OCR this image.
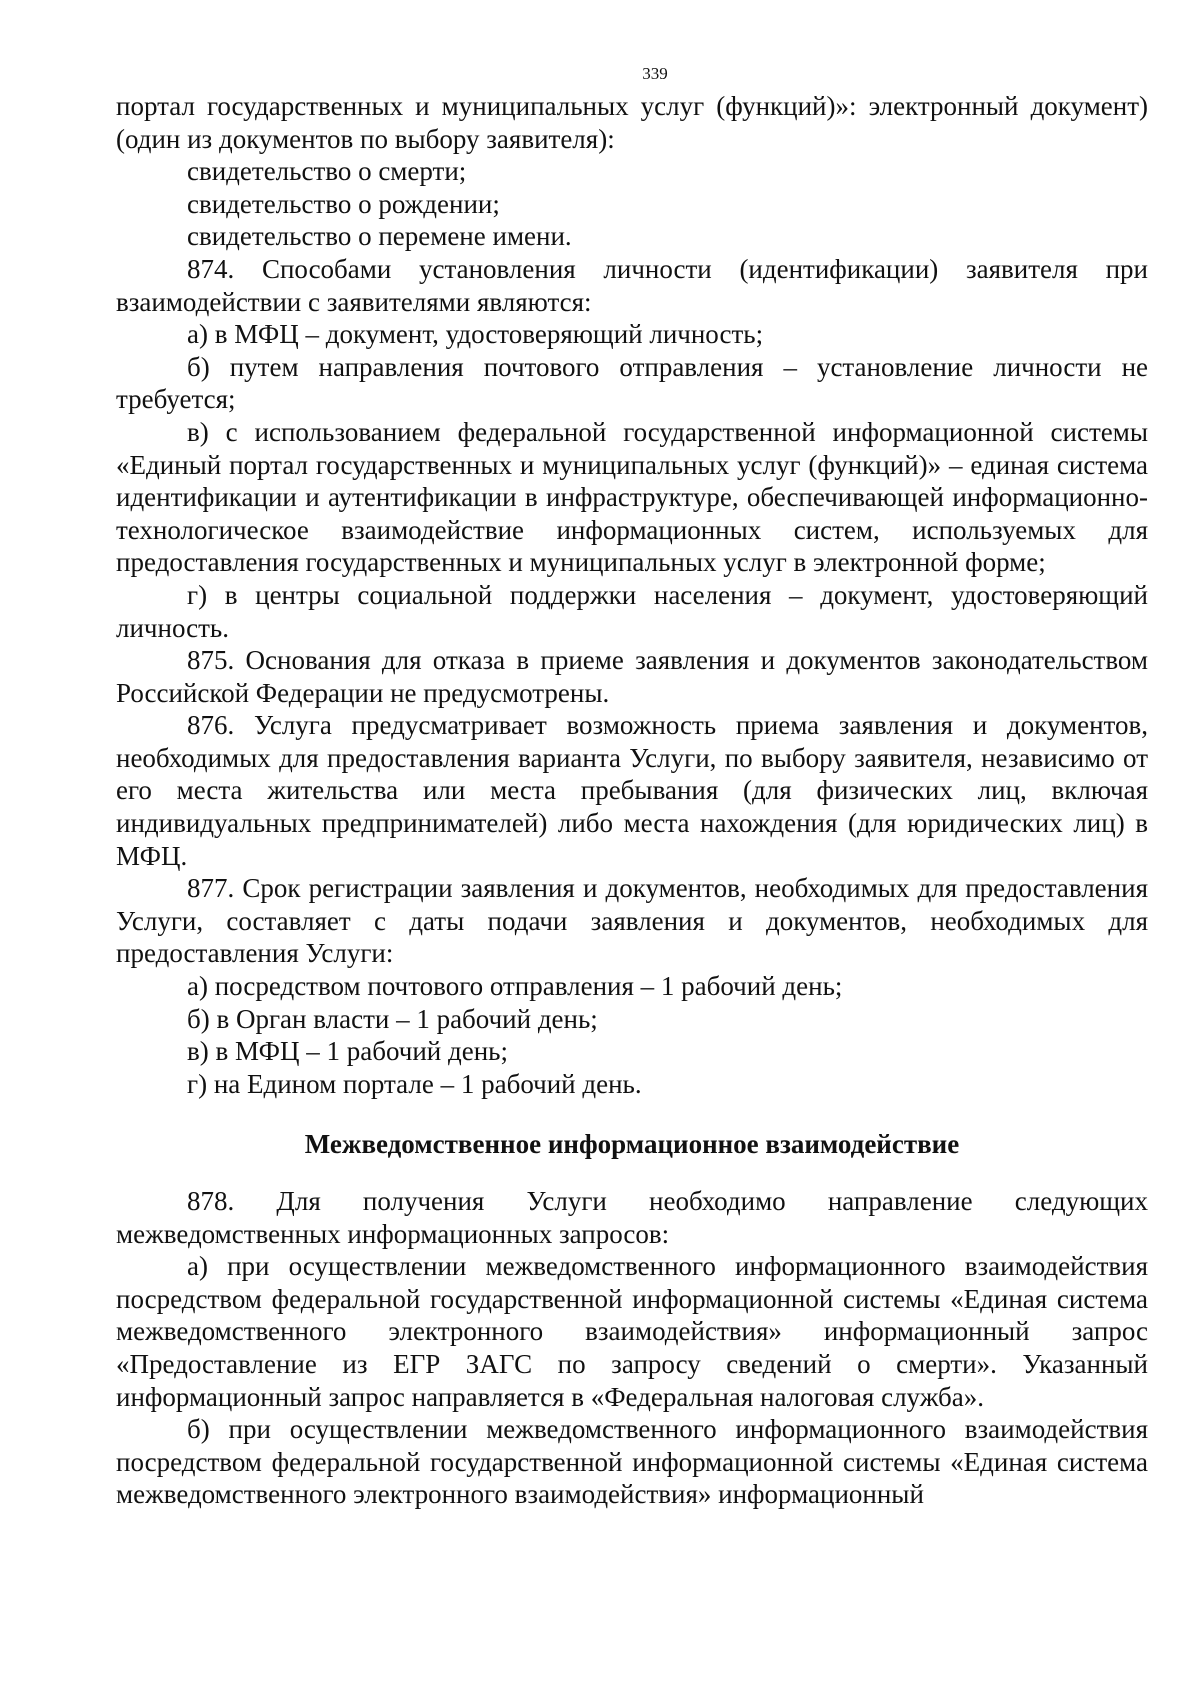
339

портал государственных и муниципальных услуг (функций)»: электронный документ) (один из документов по выбору заявителя):

свидетельство о смерти;

свидетельство о рождении;

свидетельство о перемене имени.

874. Способами установления личности (идентификации) заявителя при взаимодействии с заявителями являются:

а) в МФЦ – документ, удостоверяющий личность;

б) путем направления почтового отправления – установление личности не требуется;

в) с использованием федеральной государственной информационной системы «Единый портал государственных и муниципальных услуг (функций)» – единая система идентификации и аутентификации в инфраструктуре, обеспечивающей информационно-технологическое взаимодействие информационных систем, используемых для предоставления государственных и муниципальных услуг в электронной форме;

г) в центры социальной поддержки населения – документ, удостоверяющий личность.

875. Основания для отказа в приеме заявления и документов законодательством Российской Федерации не предусмотрены.

876. Услуга предусматривает возможность приема заявления и документов, необходимых для предоставления варианта Услуги, по выбору заявителя, независимо от его места жительства или места пребывания (для физических лиц, включая индивидуальных предпринимателей) либо места нахождения (для юридических лиц) в МФЦ.

877. Срок регистрации заявления и документов, необходимых для предоставления Услуги, составляет с даты подачи заявления и документов, необходимых для предоставления Услуги:

а) посредством почтового отправления – 1 рабочий день;

б) в Орган власти – 1 рабочий день;

в) в МФЦ – 1 рабочий день;

г) на Едином портале – 1 рабочий день.

Межведомственное информационное взаимодействие

878. Для получения Услуги необходимо направление следующих межведомственных информационных запросов:

а) при осуществлении межведомственного информационного взаимодействия посредством федеральной государственной информационной системы «Единая система межведомственного электронного взаимодействия» информационный запрос «Предоставление из ЕГР ЗАГС по запросу сведений о смерти». Указанный информационный запрос направляется в «Федеральная налоговая служба».

б) при осуществлении межведомственного информационного взаимодействия посредством федеральной государственной информационной системы «Единая система межведомственного электронного взаимодействия» информационный
